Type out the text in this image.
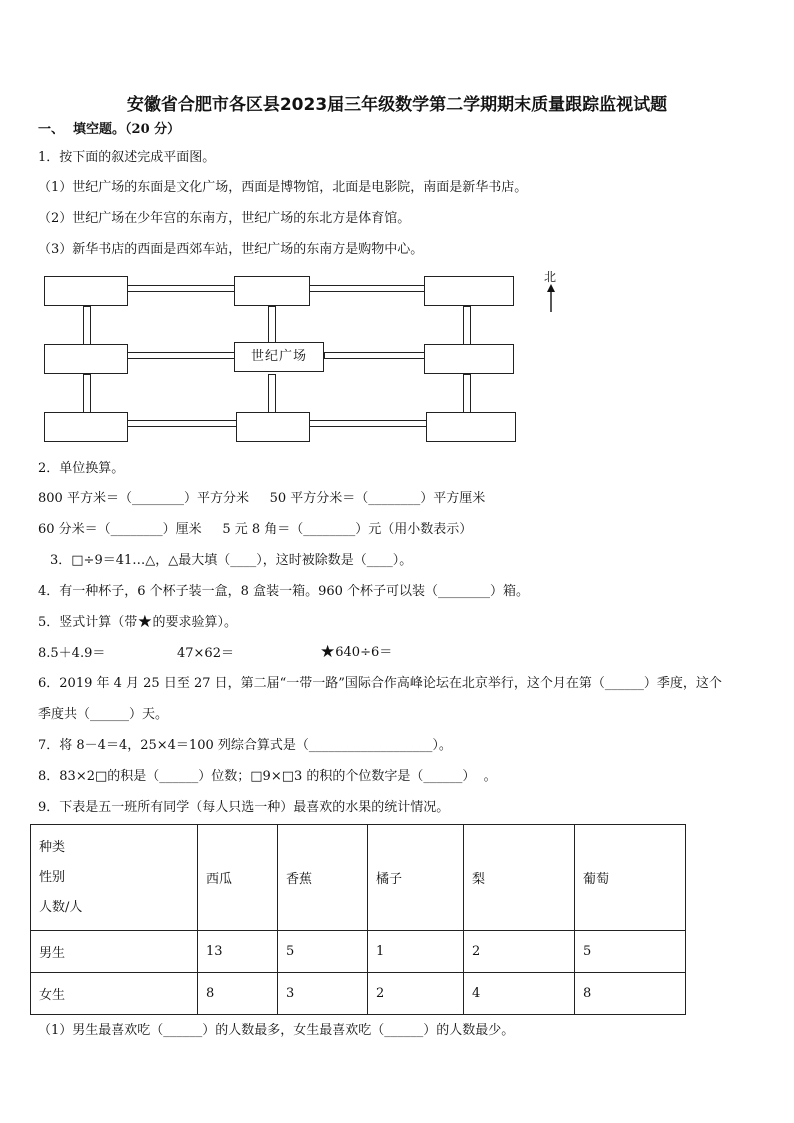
安徽省合肥市各区县2023届三年级数学第二学期期末质量跟踪监视试题
一、  填空题。（20 分）
1．按下面的叙述完成平面图。
（1）世纪广场的东面是文化广场，西面是博物馆，北面是电影院，南面是新华书店。
（2）世纪广场在少年宫的东南方，世纪广场的东北方是体育馆。
（3）新华书店的西面是西郊车站，世纪广场的东南方是购物中心。
世纪广场
北
2．单位换算。
800 平方米＝（________）平方分米     50 平方分米＝（________）平方厘米
60 分米＝（________）厘米     5 元 8 角＝（________）元（用小数表示）
3．□÷9＝41…△，△最大填（____），这时被除数是（____）。
4．有一种杯子，6 个杯子装一盒，8 盒装一箱。960 个杯子可以装（________）箱。
5．竖式计算（带★的要求验算）。
8.5＋4.9＝	47×62＝	★640÷6＝
6．2019 年 4 月 25 日至 27 日，第二届“一带一路”国际合作高峰论坛在北京举行，这个月在第（______）季度，这个
季度共（______）天。
7．将 8－4＝4，25×4＝100 列综合算式是（___________________）。
8．83×2□的积是（______）位数；□9×□3 的积的个位数字是（______）  。
9．下表是五一班所有同学（每人只选一种）最喜欢的水果的统计情况。
种类
性别
人数/人	西瓜	香蕉	橘子	梨	葡萄
男生	13	5	1	2	5
女生	8	3	2	4	8
（1）男生最喜欢吃（______）的人数最多，女生最喜欢吃（______）的人数最少。
